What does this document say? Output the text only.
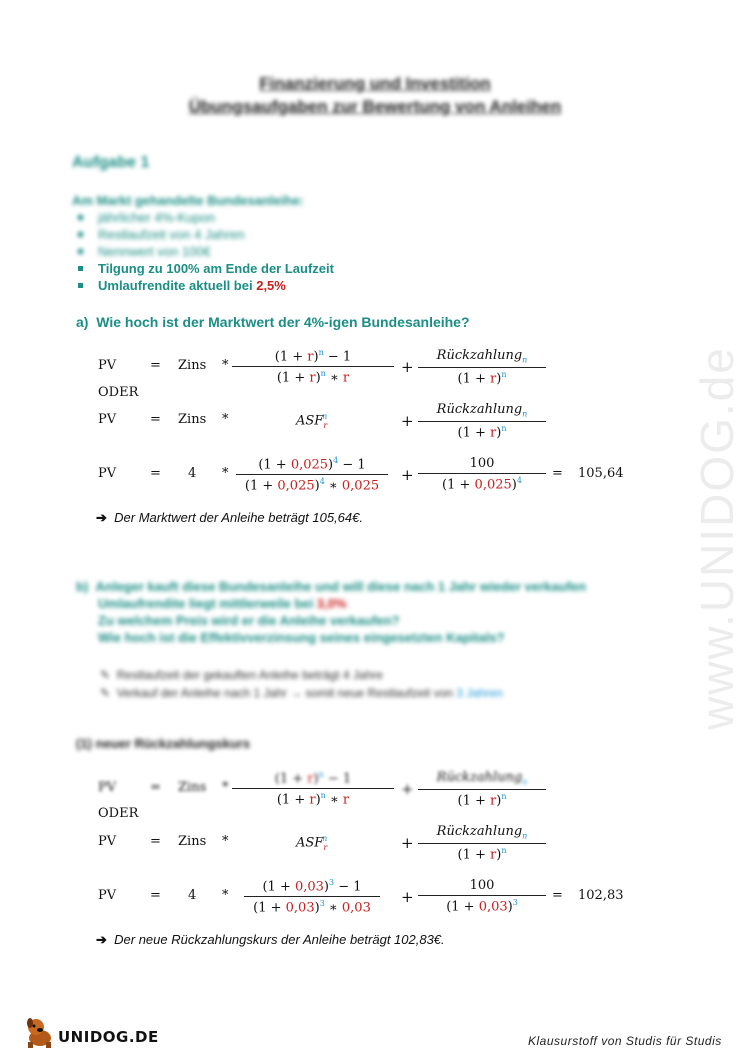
Finanzierung und Investition
Übungsaufgaben zur Bewertung von Anleihen
Aufgabe 1
Am Markt gehandelte Bundesanleihe:
jährlicher 4%-Kupon
Restlaufzeit von 4 Jahren
Nennwert von 100€
Tilgung zu 100% am Ende der Laufzeit
Umlaufrendite aktuell bei 2,5%
a) Wie hoch ist der Marktwert der 4%-igen Bundesanleihe?
PV	= Zins * $\frac{(1 + r)^n - 1}{(1 + r)^n ∗ r}$ +
Rückzahlung$_n$
$(1 + r)^n$
ODER
PV	= Zins *	$ASF_r^n$	+
Rückzahlung$_n$
$(1 + r)^n$
PV	= $4 * \frac{(1 + 0,025)^4 - 1}{(1 + 0,025)^4 ∗ 0,025} + \frac{100}{(1 + 0,025)^4} = 105,64$
➔ Der Marktwert der Anleihe beträgt 105,64€.
b) Anleger kauft diese Bundesanleihe und will diese nach 1 Jahr wieder verkaufen
Umlaufrendite liegt mittlerweile bei 3,0%
Zu welchem Preis wird er die Anleihe verkaufen?
Wie hoch ist die Effektivverzinsung seines eingesetzten Kapitals?
✎ Restlaufzeit der gekauften Anleihe beträgt 4 Jahre
✎ Verkauf der Anleihe nach 1 Jahr → somit neue Restlaufzeit von 3 Jahren
(1) neuer Rückzahlungskurs
PV	= Zins * $\frac{(1 + r)^n - 1}{(1 + r)^n ∗ r}$ +
Rückzahlung$_n$
$(1 + r)^n$
ODER
PV	= Zins *	$ASF_r^n$	+
Rückzahlung$_n$
$(1 + r)^n$
PV	= $4 * \frac{(1 + 0,03)^3 - 1}{(1 + 0,03)^3 ∗ 0,03} + \frac{100}{(1 + 0,03)^3} = 102,83$
➔ Der neue Rückzahlungskurs der Anleihe beträgt 102,83€.
www.UNIDOG.de
UNIDOG.DE	Klausurstoff von Studis für Studis
